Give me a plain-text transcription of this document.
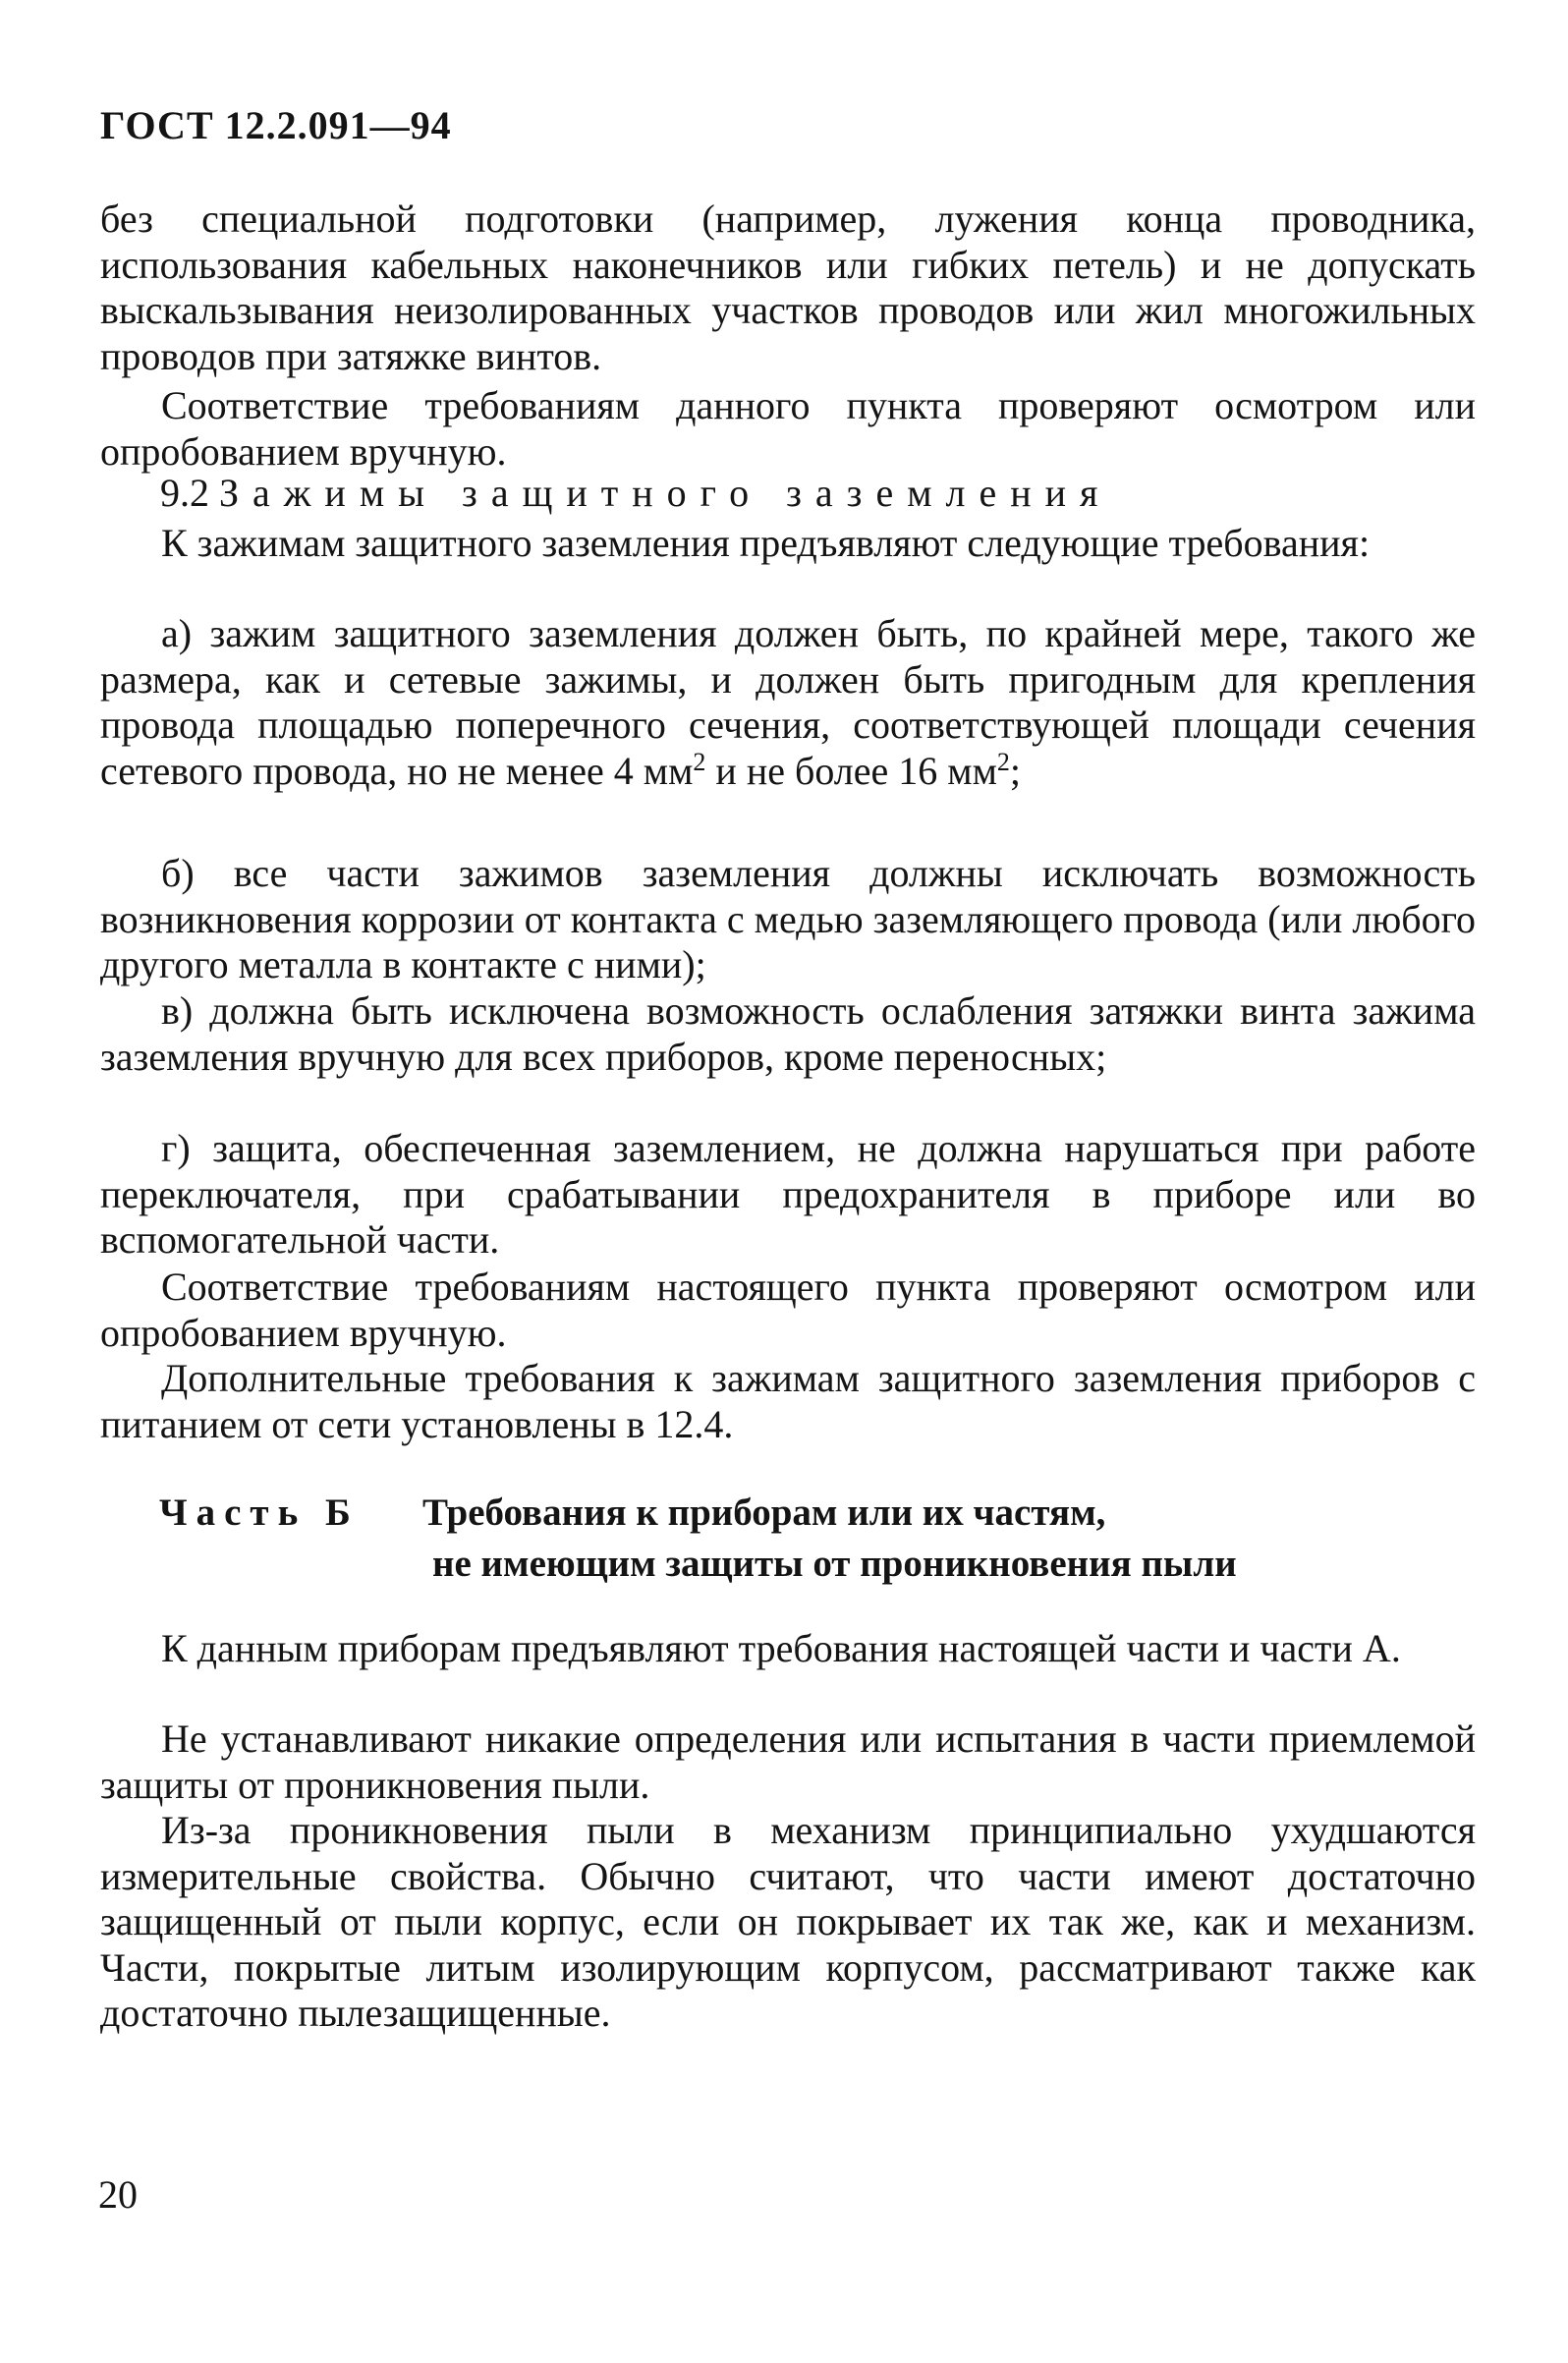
ГОСТ 12.2.091—94

без специальной подготовки (например, лужения конца проводника, использования кабельных наконечников или гибких петель) и не допускать выскальзывания неизолированных участков проводов или жил многожильных проводов при затяжке винтов.

Соответствие требованиям данного пункта проверяют осмотром или опробованием вручную.

9.2 Зажимы защитного заземления

К зажимам защитного заземления предъявляют следующие требования:

а) зажим защитного заземления должен быть, по крайней мере, такого же размера, как и сетевые зажимы, и должен быть пригодным для крепления провода площадью поперечного сечения, соответствующей площади сечения сетевого провода, но не менее 4 $мм^2$ и не более 16 $мм^2$;

б) все части зажимов заземления должны исключать возможность возникновения коррозии от контакта с медью заземляющего провода (или любого другого металла в контакте с ними);

в) должна быть исключена возможность ослабления затяжки винта зажима заземления вручную для всех приборов, кроме переносных;

г) защита, обеспеченная заземлением, не должна нарушаться при работе переключателя, при срабатывании предохранителя в приборе или во вспомогательной части.

Соответствие требованиям настоящего пункта проверяют осмотром или опробованием вручную.

Дополнительные требования к зажимам защитного заземления приборов с питанием от сети установлены в 12.4.

Часть Б Требования к приборам или их частям,
не имеющим защиты от проникновения пыли

К данным приборам предъявляют требования настоящей части и части А.

Не устанавливают никакие определения или испытания в части приемлемой защиты от проникновения пыли.

Из-за проникновения пыли в механизм принципиально ухудшаются измерительные свойства. Обычно считают, что части имеют достаточно защищенный от пыли корпус, если он покрывает их так же, как и механизм. Части, покрытые литым изолирующим корпусом, рассматривают также как достаточно пылезащищенные.

20
